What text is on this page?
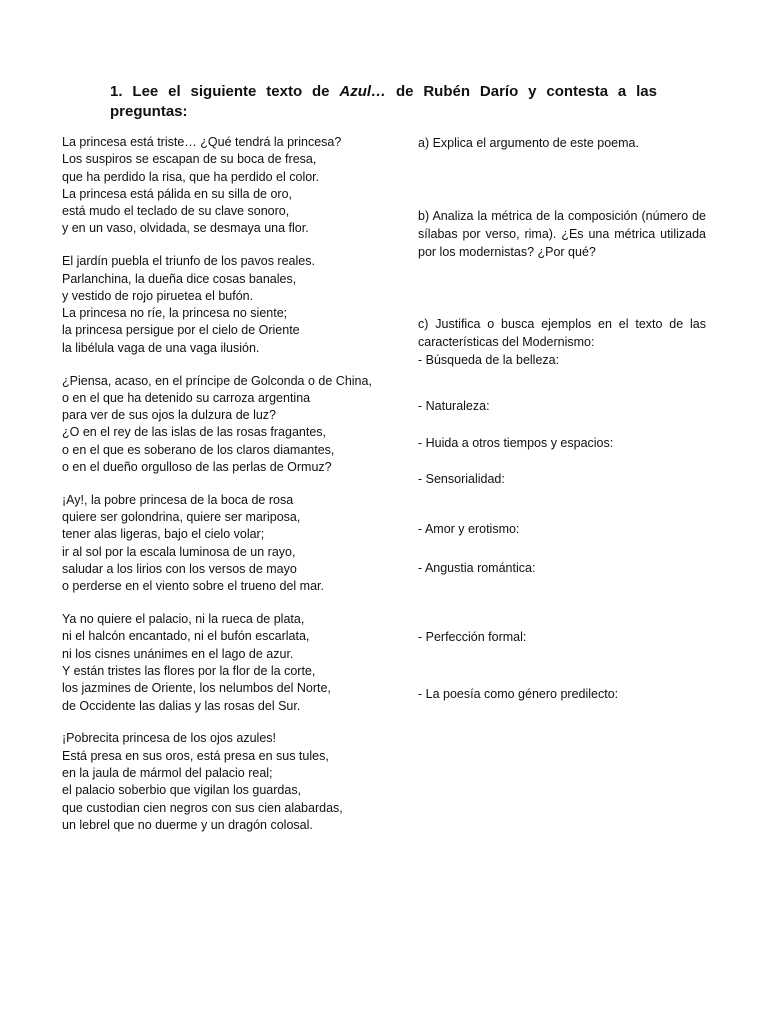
1. Lee el siguiente texto de Azul… de Rubén Darío y contesta a las preguntas:
La princesa está triste… ¿Qué tendrá la princesa?
Los suspiros se escapan de su boca de fresa,
que ha perdido la risa, que ha perdido el color.
La princesa está pálida en su silla de oro,
está mudo el teclado de su clave sonoro,
y en un vaso, olvidada, se desmaya una flor.
El jardín puebla el triunfo de los pavos reales.
Parlanchina, la dueña dice cosas banales,
y vestido de rojo piruetea el bufón.
La princesa no ríe, la princesa no siente;
la princesa persigue por el cielo de Oriente
la libélula vaga de una vaga ilusión.
¿Piensa, acaso, en el príncipe de Golconda o de China,
o en el que ha detenido su carroza argentina
para ver de sus ojos la dulzura de luz?
¿O en el rey de las islas de las rosas fragantes,
o en el que es soberano de los claros diamantes,
o en el dueño orgulloso de las perlas de Ormuz?
¡Ay!, la pobre princesa de la boca de rosa
quiere ser golondrina, quiere ser mariposa,
tener alas ligeras, bajo el cielo volar;
ir al sol por la escala luminosa de un rayo,
saludar a los lirios con los versos de mayo
o perderse en el viento sobre el trueno del mar.
Ya no quiere el palacio, ni la rueca de plata,
ni el halcón encantado, ni el bufón escarlata,
ni los cisnes unánimes en el lago de azur.
Y están tristes las flores por la flor de la corte,
los jazmines de Oriente, los nelumbos del Norte,
de Occidente las dalias y las rosas del Sur.
¡Pobrecita princesa de los ojos azules!
Está presa en sus oros, está presa en sus tules,
en la jaula de mármol del palacio real;
el palacio soberbio que vigilan los guardas,
que custodian cien negros con sus cien alabardas,
un lebrel que no duerme y un dragón colosal.
a) Explica el argumento de este poema.
b) Analiza la métrica de la composición (número de sílabas por verso, rima). ¿Es una métrica utilizada por los modernistas? ¿Por qué?
c) Justifica o busca ejemplos en el texto de las características del Modernismo:
- Búsqueda de la belleza:
- Naturaleza:
- Huida a otros tiempos y espacios:
- Sensorialidad:
- Amor y erotismo:
- Angustia romántica:
- Perfección formal:
- La poesía como género predilecto:
